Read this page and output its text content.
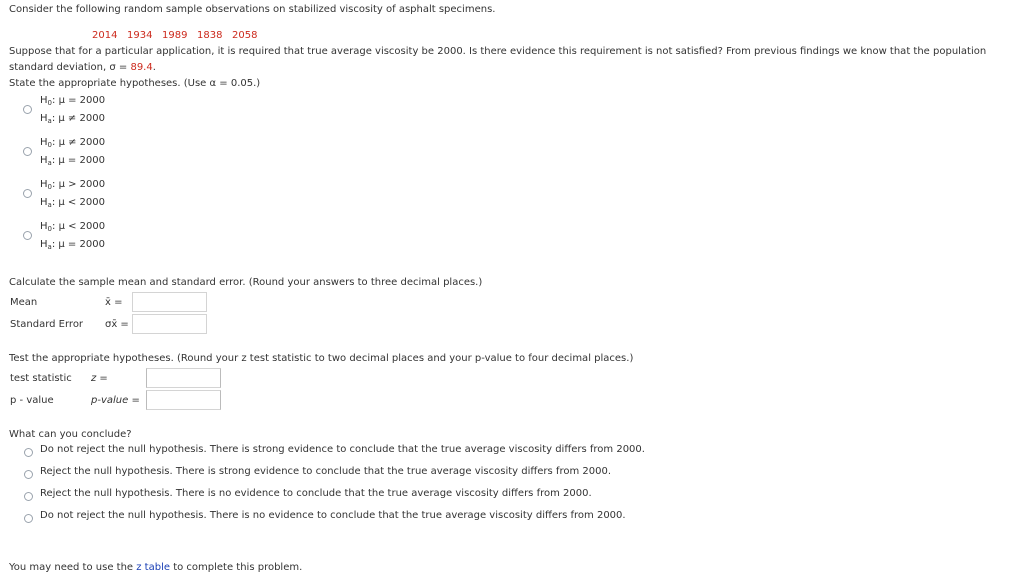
Consider the following random sample observations on stabilized viscosity of asphalt specimens.
2014 1934 1989 1838 2058
Suppose that for a particular application, it is required that true average viscosity be 2000. Is there evidence this requirement is not satisfied? From previous findings we know that the population
standard deviation, σ = 89.4.
State the appropriate hypotheses. (Use α = 0.05.)
$H_0$: μ = 2000
$H_a$: μ ≠ 2000
$H_0$: μ ≠ 2000
$H_a$: μ = 2000
$H_0$: μ > 2000
$H_a$: μ < 2000
$H_0$: μ < 2000
$H_a$: μ = 2000
Calculate the sample mean and standard error. (Round your answers to three decimal places.)
Mean	x̄ =
Standard Error σx̄ =
Test the appropriate hypotheses. (Round your z test statistic to two decimal places and your p-value to four decimal places.)
test statistic z =
p - value	p-value =
What can you conclude?
Do not reject the null hypothesis. There is strong evidence to conclude that the true average viscosity differs from 2000.
Reject the null hypothesis. There is strong evidence to conclude that the true average viscosity differs from 2000.
Reject the null hypothesis. There is no evidence to conclude that the true average viscosity differs from 2000.
Do not reject the null hypothesis. There is no evidence to conclude that the true average viscosity differs from 2000.
You may need to use the z table to complete this problem.
